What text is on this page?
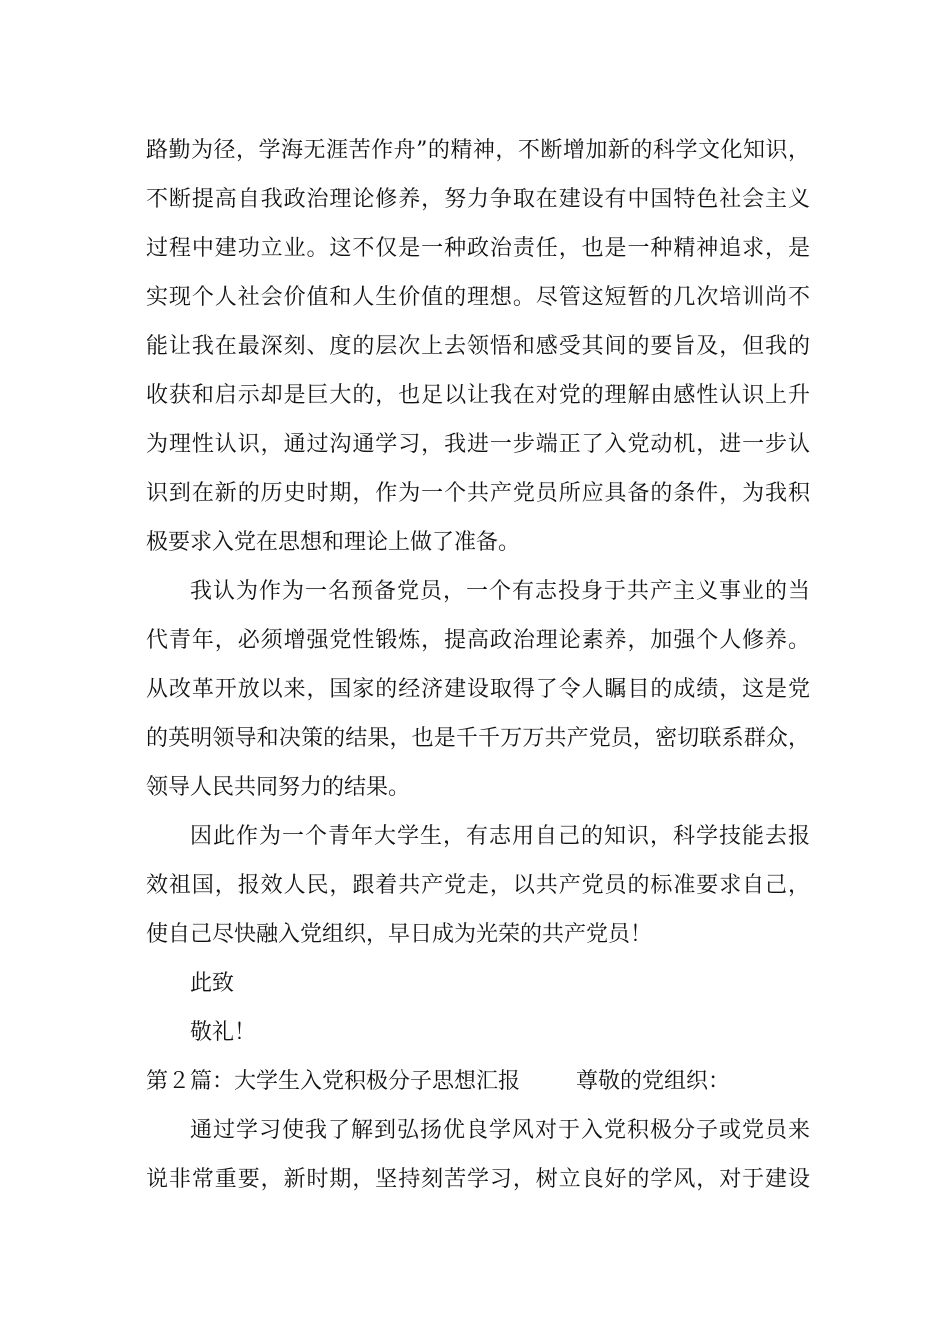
路勤为径，学海无涯苦作舟”的精神，不断增加新的科学文化知识，
不断提高自我政治理论修养，努力争取在建设有中国特色社会主义
过程中建功立业。这不仅是一种政治责任，也是一种精神追求，是
实现个人社会价值和人生价值的理想。尽管这短暂的几次培训尚不
能让我在最深刻、度的层次上去领悟和感受其间的要旨及，但我的
收获和启示却是巨大的，也足以让我在对党的理解由感性认识上升
为理性认识，通过沟通学习，我进一步端正了入党动机，进一步认
识到在新的历史时期，作为一个共产党员所应具备的条件，为我积
极要求入党在思想和理论上做了准备。
我认为作为一名预备党员，一个有志投身于共产主义事业的当
代青年，必须增强党性锻炼，提高政治理论素养，加强个人修养。
从改革开放以来，国家的经济建设取得了令人瞩目的成绩，这是党
的英明领导和决策的结果，也是千千万万共产党员，密切联系群众，
领导人民共同努力的结果。
因此作为一个青年大学生，有志用自己的知识，科学技能去报
效祖国，报效人民，跟着共产党走，以共产党员的标准要求自己，
使自己尽快融入党组织，早日成为光荣的共产党员！
此致
敬礼！
第２篇：大学生入党积极分子思想汇报	尊敬的党组织：
通过学习使我了解到弘扬优良学风对于入党积极分子或党员来
说非常重要，新时期，坚持刻苦学习，树立良好的学风，对于建设
